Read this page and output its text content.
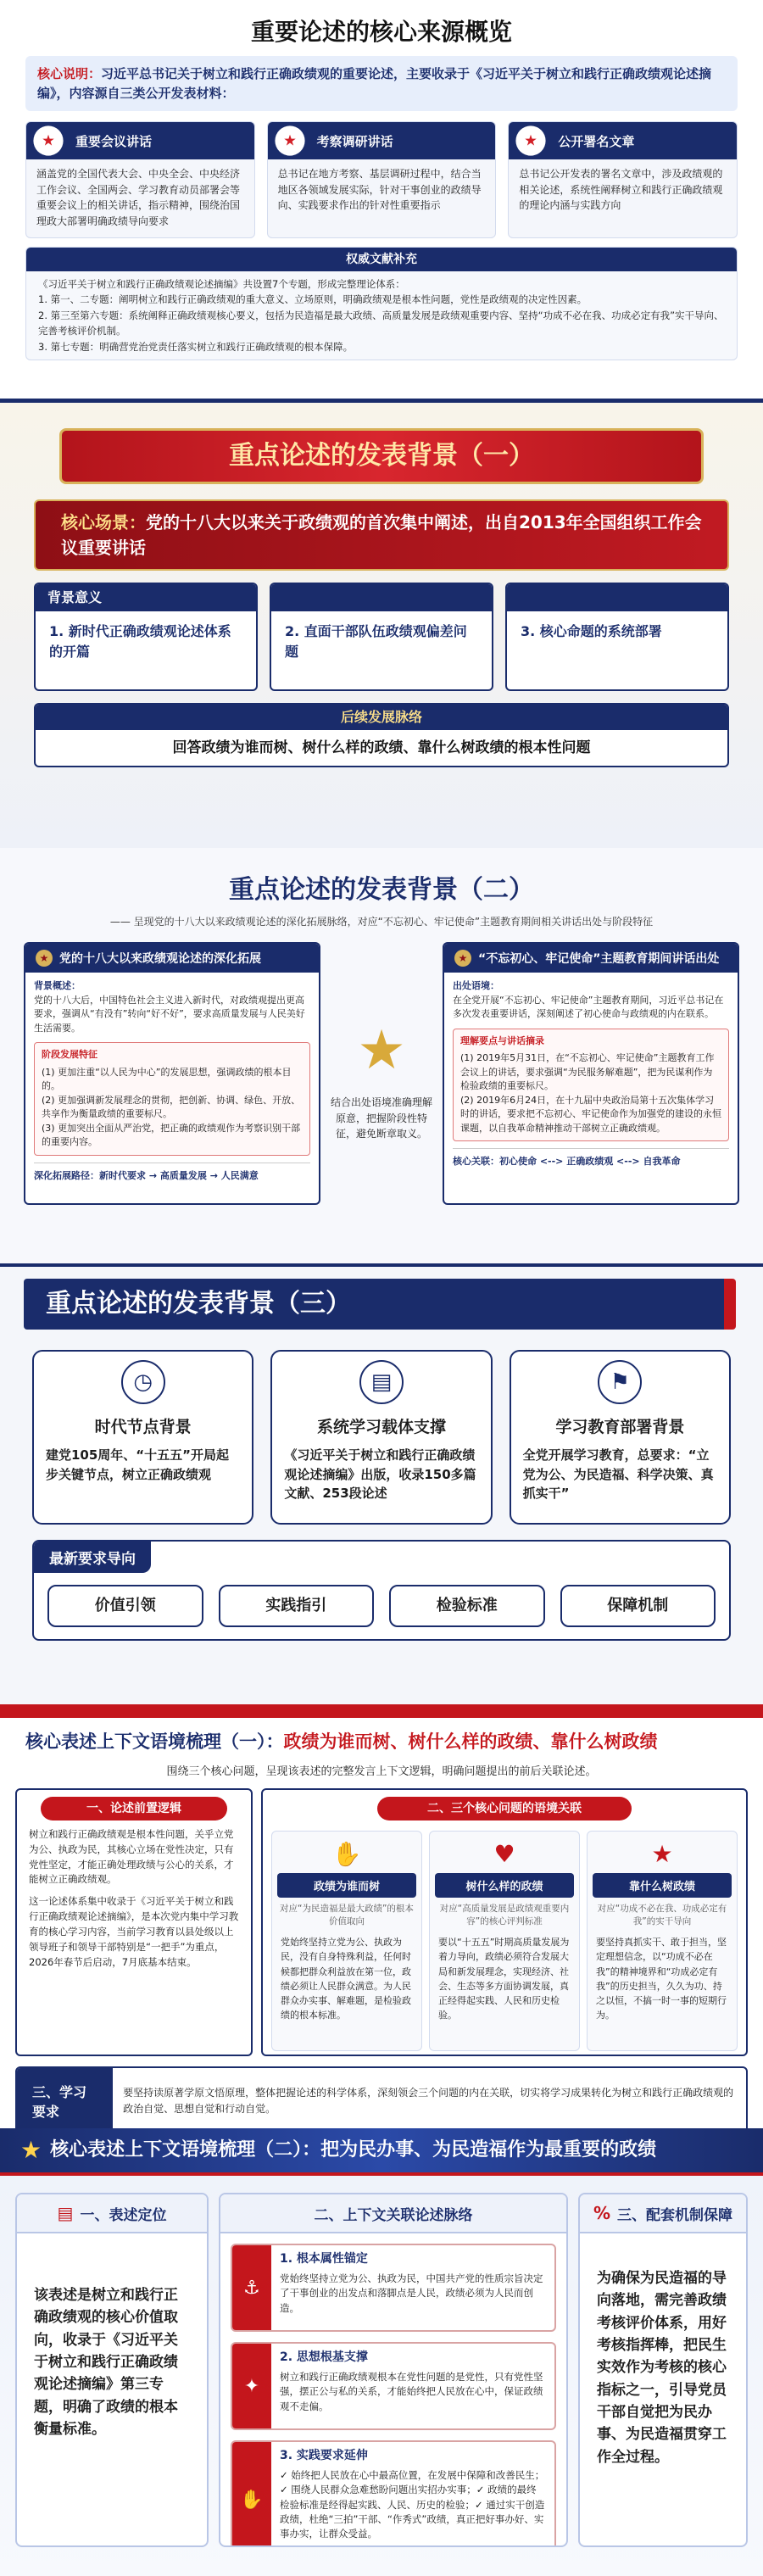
重要论述的核心来源概览
核心说明：习近平总书记关于树立和践行正确政绩观的重要论述，主要收录于《习近平关于树立和践行正确政绩观论述摘编》，内容源自三类公开发表材料：
★	重要会议讲话
涵盖党的全国代表大会、中央全会、中央经济工作会议、全国两会、学习教育动员部署会等重要会议上的相关讲话，指示精神，围绕治国理政大部署明确政绩导向要求
★	考察调研讲话
总书记在地方考察、基层调研过程中，结合当地区各领域发展实际，针对干事创业的政绩导向、实践要求作出的针对性重要指示
★	公开署名文章
总书记公开发表的署名文章中，涉及政绩观的相关论述，系统性阐释树立和践行正确政绩观的理论内涵与实践方向
权威文献补充
《习近平关于树立和践行正确政绩观论述摘编》共设置7个专题，形成完整理论体系：
1. 第一、二专题：阐明树立和践行正确政绩观的重大意义、立场原则，明确政绩观是根本性问题，党性是政绩观的决定性因素。
2. 第三至第六专题：系统阐释正确政绩观核心要义，包括为民造福是最大政绩、高质量发展是政绩观重要内容、坚持“功成不必在我、功成必定有我”实干导向、完善考核评价机制。
3. 第七专题：明确营党治党责任落实树立和践行正确政绩观的根本保障。
重点论述的发表背景（一）
核心场景：党的十八大以来关于政绩观的首次集中阐述，出自2013年全国组织工作会议重要讲话
背景意义
1. 新时代正确政绩观论述体系的开篇
2. 直面干部队伍政绩观偏差问题
3. 核心命题的系统部署
后续发展脉络
回答政绩为谁而树、树什么样的政绩、靠什么树政绩的根本性问题
重点论述的发表背景（二）
—— 呈现党的十八大以来政绩观论述的深化拓展脉络，对应“不忘初心、牢记使命”主题教育期间相关讲话出处与阶段特征
★ 党的十八大以来政绩观论述的深化拓展
背景概述：
党的十八大后，中国特色社会主义进入新时代，对政绩观提出更高要求，强调从“有没有”转向“好不好”，要求高质量发展与人民美好生活需要。
阶段发展特征
(1) 更加注重“以人民为中心”的发展思想，强调政绩的根本目的。
(2) 更加强调新发展理念的贯彻，把创新、协调、绿色、开放、共享作为衡量政绩的重要标尺。
(3) 更加突出全面从严治党，把正确的政绩观作为考察识别干部的重要内容。
深化拓展路径：新时代要求 → 高质量发展 → 人民满意
★
结合出处语境准确理解原意，把握阶段性特征，避免断章取义。
★ “不忘初心、牢记使命”主题教育期间讲话出处
出处语境：
在全党开展“不忘初心、牢记使命”主题教育期间，习近平总书记在多次发表重要讲话，深刻阐述了初心使命与政绩观的内在联系。
理解要点与讲话摘录
(1) 2019年5月31日，在“不忘初心、牢记使命”主题教育工作会议上的讲话，要求强调“为民服务解难题”，把为民谋利作为检验政绩的重要标尺。
(2) 2019年6月24日，在十九届中央政治局第十五次集体学习时的讲话，要求把不忘初心、牢记使命作为加强党的建设的永恒课题，以自我革命精神推动干部树立正确政绩观。
核心关联：初心使命 <--> 正确政绩观 <--> 自我革命
重点论述的发表背景（三）
◷
时代节点背景
建党105周年、“十五五”开局起步关键节点，树立正确政绩观
▤
系统学习载体支撑
《习近平关于树立和践行正确政绩观论述摘编》出版，收录150多篇文献、253段论述
⚑
学习教育部署背景
全党开展学习教育，总要求：“立党为公、为民造福、科学决策、真抓实干”
最新要求导向
价值引领	实践指引	检验标准	保障机制
核心表述上下文语境梳理（一）：政绩为谁而树、树什么样的政绩、靠什么树政绩
围绕三个核心问题，呈现该表述的完整发言上下文逻辑，明确问题提出的前后关联论述。
一、论述前置逻辑
树立和践行正确政绩观是根本性问题，关乎立党为公、执政为民，其核心立场在党性决定，只有党性坚定，才能正确处理政绩与公心的关系，才能树立正确政绩观。
这一论述体系集中收录于《习近平关于树立和践行正确政绩观论述摘编》，是本次党内集中学习教育的核心学习内容，当前学习教育以县处级以上领导班子和领导干部特别是“一把手”为重点，2026年春节后启动，7月底基本结束。
二、三个核心问题的语境关联
✋
政绩为谁而树
对应“为民造福是最大政绩”的根本价值取向
党始终坚持立党为公、执政为民，没有自身特殊利益，任何时候都把群众利益放在第一位，政绩必须让人民群众满意。为人民群众办实事、解难题，是检验政绩的根本标准。
♥
树什么样的政绩
对应“高质量发展是政绩观重要内容”的核心评判标准
要以“十五五”时期高质量发展为着力导向，政绩必须符合发展大局和新发展理念，实现经济、社会、生态等多方面协调发展，真正经得起实践、人民和历史检验。
★
靠什么树政绩
对应“功成不必在我、功成必定有我”的实干导向
要坚持真抓实干、敢于担当，坚定理想信念，以“功成不必在我”的精神境界和“功成必定有我”的历史担当，久久为功、持之以恒，不搞一时一事的短期行为。
三、学习要求
要坚持读原著学原文悟原理，整体把握论述的科学体系，深刻领会三个问题的内在关联，切实将学习成果转化为树立和践行正确政绩观的政治自觉、思想自觉和行动自觉。
★ 核心表述上下文语境梳理（二）：把为民办事、为民造福作为最重要的政绩
▤ 一、表述定位
该表述是树立和践行正确政绩观的核心价值取向，收录于《习近平关于树立和践行正确政绩观论述摘编》第三专题，明确了政绩的根本衡量标准。
二、上下文关联论述脉络
⚓
1. 根本属性锚定
党始终坚持立党为公、执政为民，中国共产党的性质宗旨决定了干事创业的出发点和落脚点是人民，政绩必须为人民而创造。
✦
2. 思想根基支撑
树立和践行正确政绩观根本在党性问题的是党性，只有党性坚强，摆正公与私的关系，才能始终把人民放在心中，保证政绩观不走偏。
✋
3. 实践要求延伸
✓ 始终把人民放在心中最高位置，在发展中保障和改善民生；✓ 围绕人民群众急难愁盼问题出实招办实事；✓ 政绩的最终检验标准是经得起实践、人民、历史的检验；✓ 通过实干创造政绩，杜绝“三拍”干部、“作秀式”政绩，真正把好事办好、实事办实，让群众受益。
% 三、配套机制保障
为确保为民造福的导向落地，需完善政绩考核评价体系，用好考核指挥棒，把民生实效作为考核的核心指标之一，引导党员干部自觉把为民办事、为民造福贯穿工作全过程。
